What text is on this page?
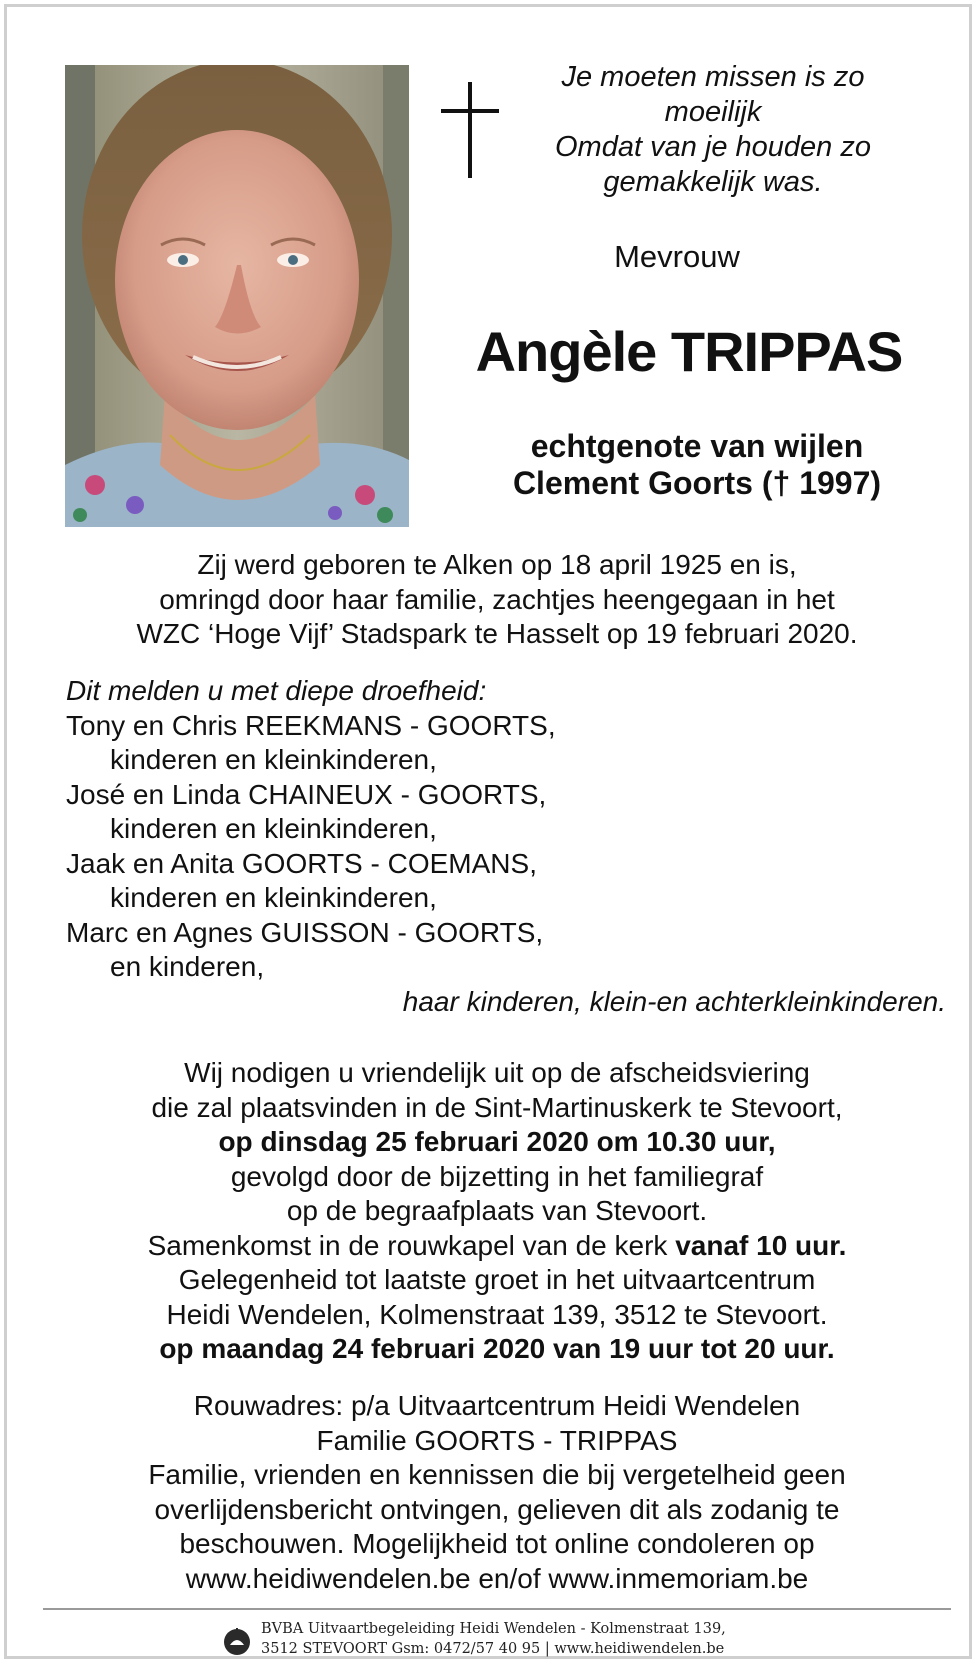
Je moeten missen is zo
moeilijk
Omdat van je houden zo
gemakkelijk was.
Mevrouw
Angèle TRIPPAS
echtgenote van wijlen
Clement Goorts († 1997)
Zij werd geboren te Alken op 18 april 1925 en is,
omringd door haar familie, zachtjes heengegaan in het
WZC ‘Hoge Vijf’ Stadspark te Hasselt op 19 februari 2020.
Dit melden u met diepe droefheid:
Tony en Chris REEKMANS - GOORTS,
kinderen en kleinkinderen,
José en Linda CHAINEUX - GOORTS,
kinderen en kleinkinderen,
Jaak en Anita GOORTS - COEMANS,
kinderen en kleinkinderen,
Marc en Agnes GUISSON - GOORTS,
en kinderen,
haar kinderen, klein-en achterkleinkinderen.
Wij nodigen u vriendelijk uit op de afscheidsviering
die zal plaatsvinden in de Sint-Martinuskerk te Stevoort,
op dinsdag 25 februari 2020 om 10.30 uur,
gevolgd door de bijzetting in het familiegraf
op de begraafplaats van Stevoort.
Samenkomst in de rouwkapel van de kerk vanaf 10 uur.
Gelegenheid tot laatste groet in het uitvaartcentrum
Heidi Wendelen, Kolmenstraat 139, 3512 te Stevoort.
op maandag 24 februari 2020 van 19 uur tot 20 uur.
Rouwadres: p/a Uitvaartcentrum Heidi Wendelen
Familie GOORTS - TRIPPAS
Familie, vrienden en kennissen die bij vergetelheid geen
overlijdensbericht ontvingen, gelieven dit als zodanig te
beschouwen. Mogelijkheid tot online condoleren op
www.heidiwendelen.be en/of www.inmemoriam.be
BVBA Uitvaartbegeleiding Heidi Wendelen - Kolmenstraat 139,
3512 STEVOORT Gsm: 0472/57 40 95 | www.heidiwendelen.be
